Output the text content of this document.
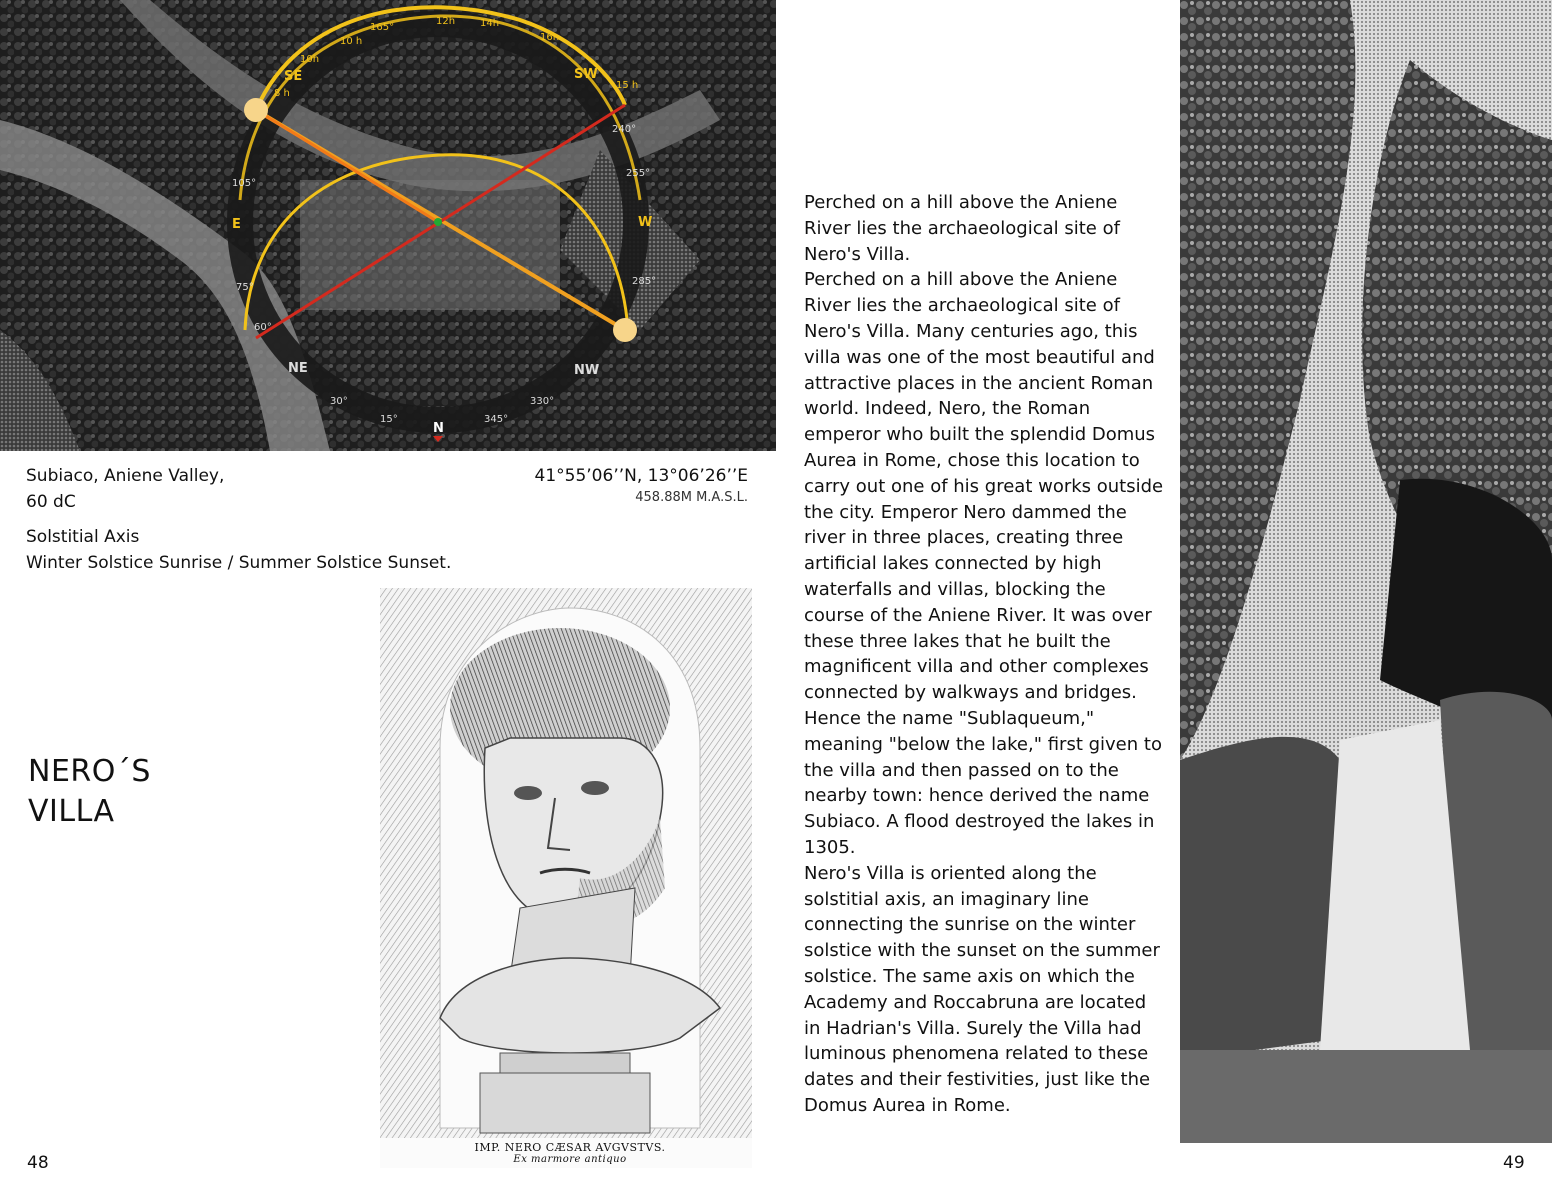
SE	SW
E	W
NE	NW
N
105°
255°
240°
75°
60°
30°
15°	345°
330°
285°
8 h
10 h
12h 14h
16h
15 h
10h
165°
Subiaco, Aniene Valley,
60 dC
41°55’06’’N, 13°06’26’’E
458.88M M.A.S.L.
Solstitial Axis
Winter Solstice Sunrise / Summer Solstice Sunset.
NERO´S
VILLA
IMP. NERO CÆSAR AVGVSTVS.
Ex marmore antiquo

Perched on a hill above the Aniene River lies the archaeological site of Nero's Villa.

Perched on a hill above the Aniene River lies the archaeological site of Nero's Villa. Many centuries ago, this villa was one of the most beautiful and attractive places in the ancient Roman world. Indeed, Nero, the Roman emperor who built the splendid Domus Aurea in Rome, chose this location to carry out one of his great works outside the city. Emperor Nero dammed the river in three places, creating three artificial lakes connected by high waterfalls and villas, blocking the course of the Aniene River. It was over these three lakes that he built the magnificent villa and other complexes connected by walkways and bridges. Hence the name "Sublaqueum," meaning "below the lake," first given to the villa and then passed on to the nearby town: hence derived the name Subiaco. A flood destroyed the lakes in 1305.

Nero's Villa is oriented along the solstitial axis, an imaginary line connecting the sunrise on the winter solstice with the sunset on the summer solstice. The same axis on which the Academy and Roccabruna are located in Hadrian's Villa. Surely the Villa had luminous phenomena related to these dates and their festivities, just like the Domus Aurea in Rome.

48	49
